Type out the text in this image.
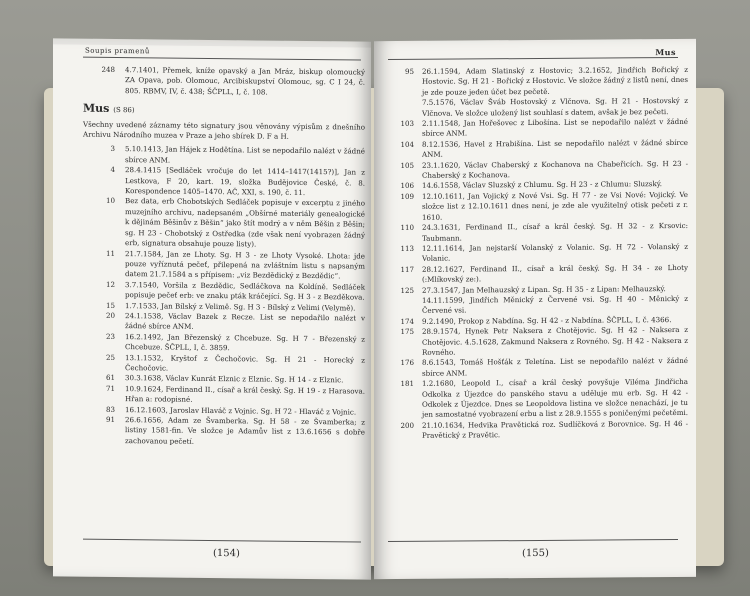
Soupis pramenů
248	4.7.1401, Přemek, kníže opavský a Jan Mráz, biskup olomoucký ZA Opava, pob. Olomouc, Arcibiskupství Olomouc, sg. C I 24, č. 805. RBMV, IV, č. 438; ŠČPLL, I, č. 108.
Mus (S 86)

Všechny uvedené záznamy této signatury jsou věnovány výpisům z dnešního Archivu Národního muzea v Praze a jeho sbírek D. F a H.

3	5.10.1413, Jan Hájek z Hodětína. List se nepodařilo nalézt v žádné sbírce ANM.
4	28.4.1415 [Sedláček vročuje do let 1414–1417(1415?)], Jan z Lestkova, F 20, kart. 19, složka Budějovice České, č. 8. Korespondence 1405–1470. AČ, XXI, s. 190, č. 11.
10	Bez data, erb Chobotských Sedláček popisuje v excerptu z jiného muzejního archivu, nadepsaném „Obšírné materiály genealogické k dějinám Běšinův z Běšin“ jako štít modrý a v něm Běšin z Běšin; sg. H 23 - Chobotský z Ostředka (zde však není vyobrazen žádný erb, signatura obsahuje pouze listy).
11	21.7.1584, Jan ze Lhoty. Sg. H 3 - ze Lhoty Vysoké. Lhota: jde pouze vyříznutá pečeť, přilepená na zvláštním listu s napsaným datem 21.7.1584 a s přípisem: „viz Bezdědický z Bezdědic“.
12	3.7.1540, Voršila z Bezdědic, Sedláčkova na Koldíně. Sedláček popisuje pečeť erb: ve znaku pták kráčející. Sg. H 3 - z Bezděkova.
15	1.7.1533, Jan Bílský z Velimě. Sg. H 3 - Bílský z Velimi (Velymě).
20	24.1.1538, Václav Bazek z Recze. List se nepodařilo nalézt v žádné sbírce ANM.
23	16.2.1492, Jan Březenský z Chcebuze. Sg. H 7 - Březenský z Chcebuze. ŠČPLL, I, č. 3859.
25	13.1.1532, Kryštof z Čechočovic. Sg. H 21 - Horecký z Čechočovic.
61	30.3.1638, Václav Kunrát Elznic z Elznic. Sg. H 14 - z Elznic.
71	10.9.1624, Ferdinand II., císař a král český. Sg. H 19 - z Harasova. Hřan a: rodopisné.
83	16.12.1603, Jaroslav Hlaváč z Vojnic. Sg. H 72 - Hlaváč z Vojnic.
91	26.6.1656, Adam ze Švamberka. Sg. H 58 - ze Švamberka; z listiny 1581-fin. Ve složce je Adamův list z 13.6.1656 s dobře zachovanou pečetí.
(154)
Mus
95	26.1.1594, Adam Slatinský z Hostovic; 3.2.1652, Jindřich Bořický z Hostovic. Sg. H 21 - Bořický z Hostovic. Ve složce žádný z listů není, dnes je zde pouze jeden účet bez pečetě.
7.5.1576, Václav Šváb Hostovský z Vlčnova. Sg. H 21 - Hostovský z Vlčnova. Ve složce uložený list souhlasí s datem, avšak je bez pečeti.
103	2.11.1548, Jan Hořešovec z Libošína. List se nepodařilo nalézt v žádné sbírce ANM.
104	8.12.1536, Havel z Hrabišína. List se nepodařilo nalézt v žádné sbírce ANM.
105	23.1.1620, Václav Chaberský z Kochanova na Chabeřicích. Sg. H 23 - Chaberský z Kochanova.
106	14.6.1558, Václav Sluzský z Chlumu. Sg. H 23 - z Chlumu: Sluzský.
109	12.10.1611, Jan Vojický z Nové Vsi. Sg. H 77 - ze Vsi Nové: Vojický. Ve složce list z 12.10.1611 dnes není, je zde ale využitelný otisk pečeti z r. 1610.
110	24.3.1631, Ferdinand II., císař a král český. Sg. H 32 - z Krsovic: Taubmann.
113	12.11.1614, Jan nejstarší Volanský z Volanic. Sg. H 72 - Volanský z Volanic.
117	28.12.1627, Ferdinand II., císař a král český. Sg. H 34 - ze Lhoty (:Mlíkovský ze:).
125	27.3.1547, Jan Melhauzský z Lipan. Sg. H 35 - z Lipan: Melhauzský.
14.11.1599, Jindřich Měnický z Červené vsi. Sg. H 40 - Měnický z Červené vsi.
174	9.2.1490, Prokop z Nabdína. Sg. H 42 - z Nabdína. ŠČPLL, I, č. 4366.
175	28.9.1574, Hynek Petr Naksera z Chotějovic. Sg. H 42 - Naksera z Chotějovic. 4.5.1628, Zakmund Naksera z Rovného. Sg. H 42 - Naksera z Rovného.
176	8.6.1543, Tomáš Hošťák z Teletína. List se nepodařilo nalézt v žádné sbírce ANM.
181	1.2.1680, Leopold I., císař a král český povyšuje Viléma Jindřicha Odkolka z Újezdce do panského stavu a uděluje mu erb. Sg. H 42 - Odkolek z Újezdce. Dnes se Leopoldova listina ve složce nenachází, je tu jen samostatné vyobrazení erbu a list z 28.9.1555 s poničenými pečetěmi.
200	21.10.1634, Hedvika Pravětická roz. Sudlíčková z Borovnice. Sg. H 46 - Pravětický z Pravětic.
(155)
